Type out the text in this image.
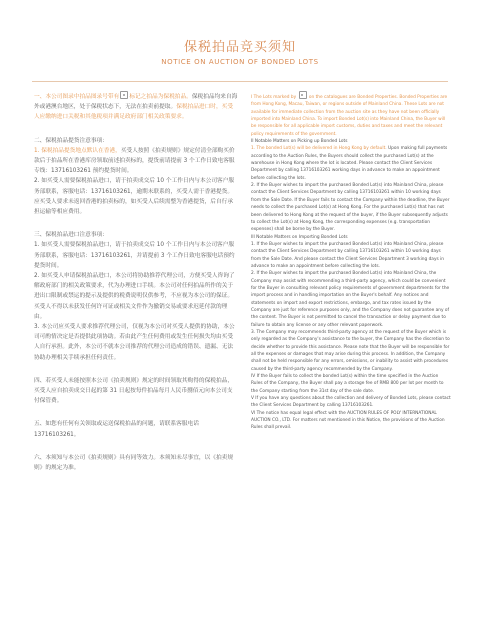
保税拍品竞买须知
NOTICE ON AUCTION OF BONDED LOTS

一、本公司图录中拍品图录号带有 标记之拍品为保税拍品。保税拍品均来自海外或港澳台地区，处于保税状态下，无法在拍卖前提取。保税拍品进口时，买受人应缴纳进口关税和其他税项并满足政府部门相关政策要求。

二、保税拍品提货注意事项：
1. 保税拍品提货地点默认在香港，买受人按照《拍卖规则》规定付清全部购买价款后于拍品所在香港库房领取前述拍卖标的，提货前请提前 3 个工作日致电客服专线：13716103261 预约提货时间。
2. 如买受人需要保税拍品进口，请于拍卖成交后 10 个工作日内与本公司客户服务部联系，客服电话：13716103261，逾期未联系的，买受人需于香港提货。应买受人要求未返回香港的拍卖标的，如买受人后续需整为香港提货，后自行承担运输等相应费用。

三、保税拍品进口注意事项：
1. 如买受人需要保税拍品进口，请于拍卖成交后 10 个工作日内与本公司客户服务部联系，客服电话：13716103261，并请提前 3 个工作日致电客服电话预约提货时间。
2. 如买受人申请保税拍品进口，本公司将协助推荐代理公司，方便买受人咨询了解政府部门的相关政策要求，代为办理进口手续。本公司对任何拍品所作的关于进出口限制或禁运的提示及提供的税费说明仅供参考，不应视为本公司的保证。买受人不得以未获发任何许可证或相关文件作为撤销交易或要求迟延付款的理由。
3. 本公司应买受人要求推荐代理公司，仅视为本公司对买受人提供的协助，本公司可酌情决定是否提供此项协助。若由此产生任何费用或发生任何损失均由买受人自行承担。此外，本公司不就本公司推荐的代理公司造成的错误、遗漏、无法协助办理相关手续承担任何责任。

四、若买受人未能按照本公司《拍卖规则》规定的时间领取其购得的保税拍品，买受人应自拍卖成交日起的第 31 日起按每件拍品每月人民币捌佰元向本公司支付保管费。

五、如您有任何有关领取或运送保税拍品的问题，请联系客服电话 13716103261。

六、本须知与本公司《拍卖规则》具有同等效力。本须知未尽事宜，以《拍卖规则》的规定为准。

I The Lots marked by	on the catalogues are Bonded Properties. Bonded Properties are from Hong Kong, Macau, Taiwan, or regions outside of Mainland China. These Lots are not available for immediate collection from the auction site as they have not been officially imported into Mainland China. To import Bonded Lot(s) into Mainland China, the Buyer will be responsible for all applicable import customs, duties and taxes and meet the relevant policy requirements of the government.

II Notable Matters on Picking up Bonded Lots

1. The bonded Lot(s) will be delivered in Hong Kong by default. Upon making full payments according to the Auction Rules, the Buyers should collect the purchased Lot(s) at the warehouse in Hong Kong where the lot is located. Please contact the Client Services Department by calling 13716103261 working days in advance to make an appointment before collecting the lots.

2. If the Buyer wishes to import the purchased Bonded Lot(s) into Mainland China, please contact the Client Services Department by calling 13716103261 within 10 working days from the Sale Date. If the Buyer fails to contact the Company within the deadline, the Buyer needs to collect the purchased Lot(s) at Hong Kong. For the purchased Lot(s) that has not been delivered to Hong Kong at the request of the buyer, if the Buyer subsequently adjusts to collect the Lot(s) at Hong Kong, the corresponding expenses (e.g. transportation expenses) shall be borne by the Buyer.

III Notable Matters on Importing Bonded Lots

1. If the Buyer wishes to import the purchased Bonded Lot(s) into Mainland China, please contact the Client Services Department by calling 13716103261 within 10 working days from the Sale Date. And please contact the Client Services Department 3 working days in advance to make an appointment before collecting the lots.

2. If the Buyer wishes to import the purchased Bonded Lot(s) into Mainland China, the Company may assist with recommending a third-party agency, which could be convenient for the Buyer in consulting relevant policy requirements of government departments for the import process and in handling importation on the Buyer's behalf. Any notices and statements on import and export restrictions, embargo, and tax rates issued by the Company are just for reference purposes only, and the Company does not guarantee any of the content. The Buyer is not permitted to cancel the transaction or delay payment due to failure to obtain any license or any other relevant paperwork.

3. The Company may recommends third-party agency at the request of the Buyer which is only regarded as the Company's assistance to the buyer, the Company has the discretion to decide whether to provide this assistance. Please note that the Buyer will be responsible for all the expenses or damages that may arise during this process. In addition, the Company shall not be held responsible for any errors, omissions, or inability to assist with procedures caused by the third-party agency recommended by the Company.

IV If the Buyer fails to collect the bonded Lot(s) within the time specified in the Auction Rules of the Company, the Buyer shall pay a storage fee of RMB 800 per lot per month to the Company starting from the 31st day of the sale date.

V If you have any questions about the collection and delivery of Bonded Lots, please contact the Client Services Department by calling 13716103261.

VI The notice has equal legal effect with the AUCTION RULES OF POLY INTERNATIONAL AUCTION CO., LTD. For matters not mentioned in this Notice, the provisions of the Auction Rules shall prevail.
